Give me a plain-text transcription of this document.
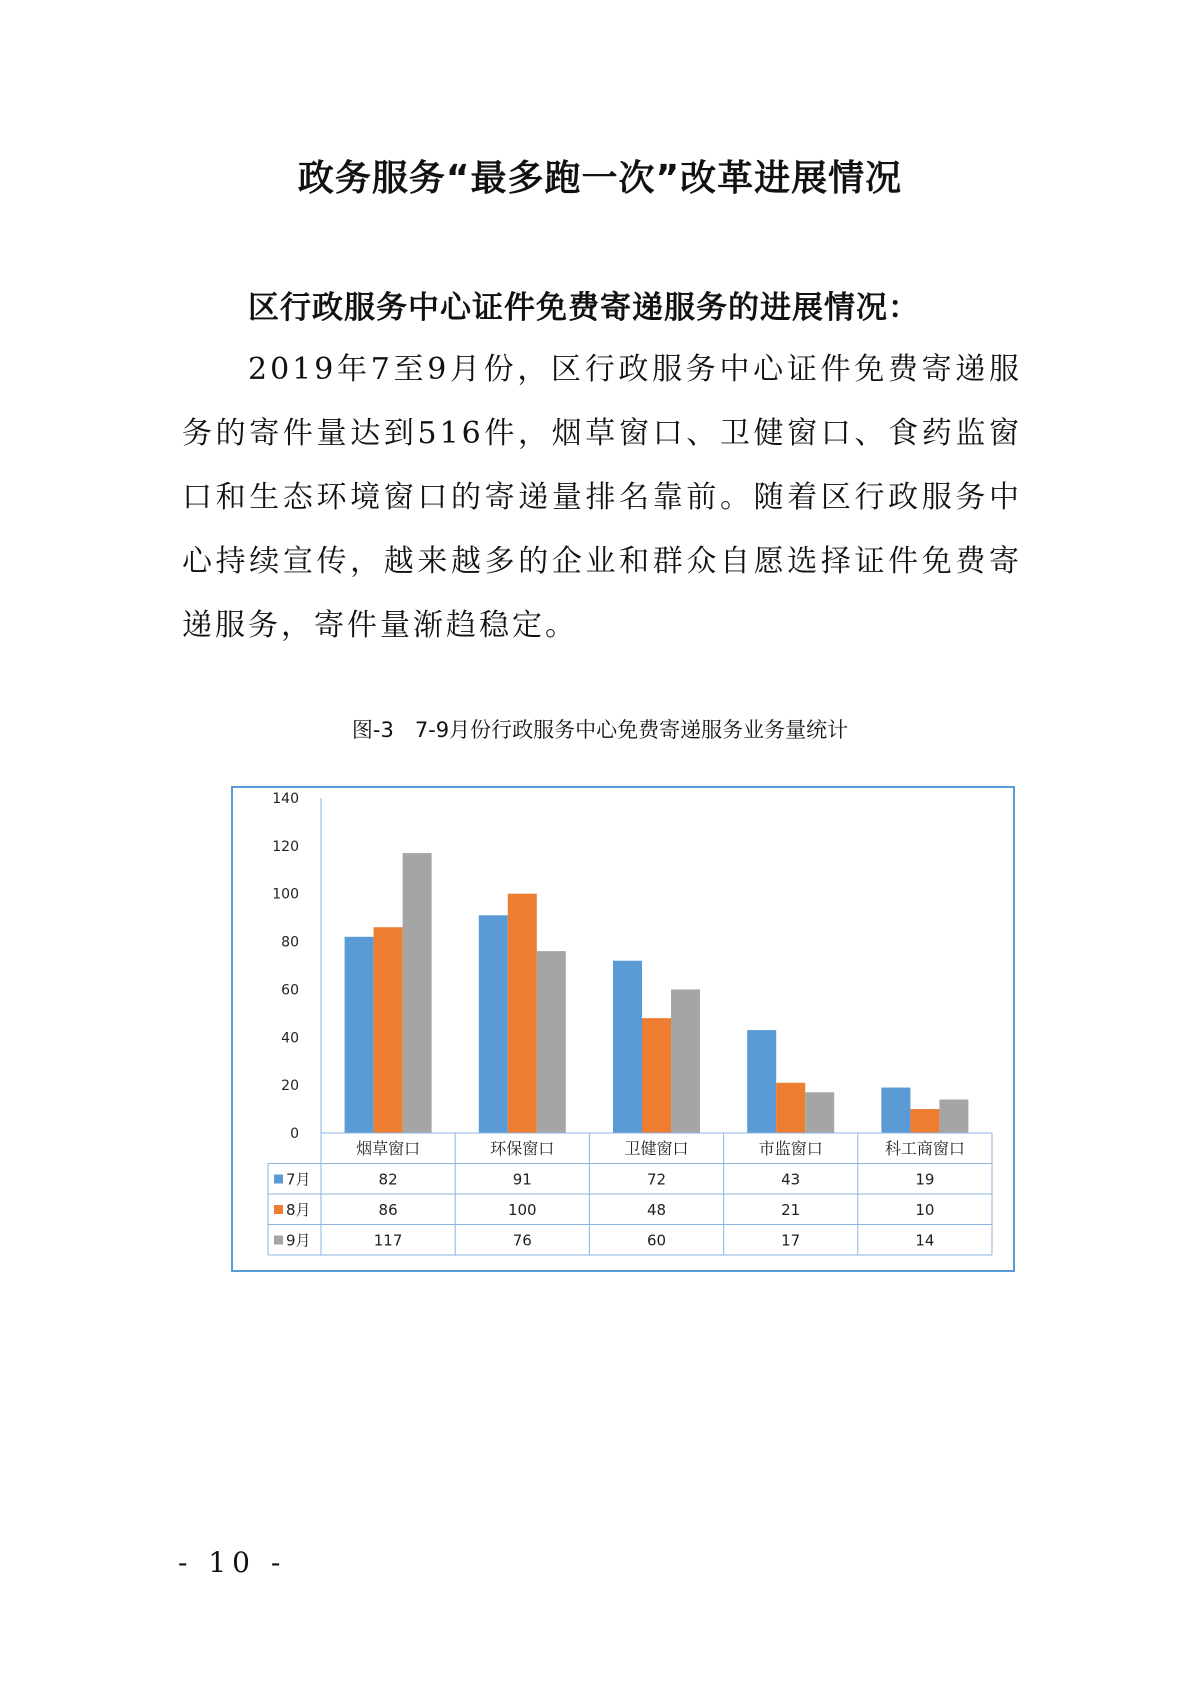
政务服务“最多跑一次”改革进展情况
区行政服务中心证件免费寄递服务的进展情况：

2019年7至9月份，区行政服务中心证件免费寄递服务的寄件量达到516件，烟草窗口、卫健窗口、食药监窗口和生态环境窗口的寄递量排名靠前。随着区行政服务中心持续宣传，越来越多的企业和群众自愿选择证件免费寄递服务，寄件量渐趋稳定。

图-3　7-9月份行政服务中心免费寄递服务业务量统计

0
20
40
60
80
100
120
140
烟草窗口	环保窗口	卫健窗口	市监窗口	科工商窗口
7月	82	91	72	43	19
8月	86	100	48	21	10
9月	117	76	60	17	14

- 10 -
